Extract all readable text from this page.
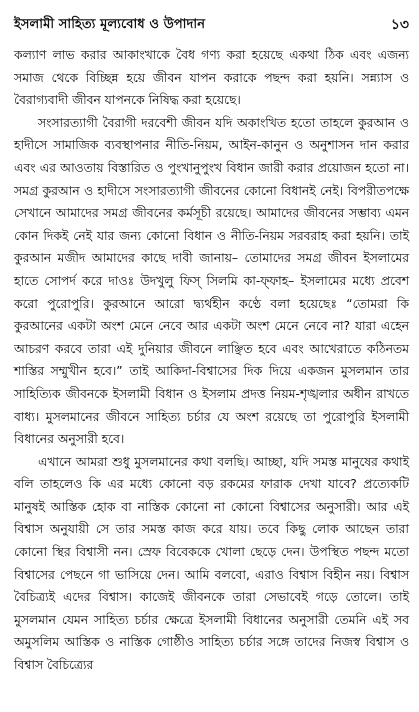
ইসলামী সাহিত্য মূল্যবোধ ও উপাদান	১৩

কল্যাণ লাভ করার আকাংখাকে বৈধ গণ্য করা হয়েছে একথা ঠিক এবং এজন্য সমাজ থেকে বিচ্ছিন্ন হয়ে জীবন যাপন করাকে পছন্দ করা হয়নি। সন্ন্যাস ও বৈরাগ্যবাদী জীবন যাপনকে নিষিদ্ধ করা হয়েছে।

সংসারত্যাগী বৈরাগী দরবেশী জীবন যদি অকাংখিত হতো তাহলে কুরআন ও হাদীসে সামাজিক ব্যবস্থাপনার নীতি-নিয়ম, আইন-কানুন ও অনুশাসন দান করার এবং এর আওতায় বিস্তারিত ও পুংখানুপুংখ বিধান জারী করার প্রয়োজন হতো না। সমগ্র কুরআন ও হাদীসে সংসারত্যাগী জীবনের কোনো বিধানই নেই। বিপরীতপক্ষে সেখানে আমাদের সমগ্র জীবনের কর্মসূচী রয়েছে। আমাদের জীবনের সম্ভাব্য এমন কোন দিকই নেই যার জন্য কোনো বিধান ও নীতি-নিয়ম সরবরাহ করা হয়নি। তাই কুরআন মজীদ আমাদের কাছে দাবী জানায়– তোমাদের সমগ্র জীবন ইসলামের হাতে সোপর্দ করে দাওঃ উদখুলু ফিস্ সিলমি কা-ফ্ফাহ– ইসলামের মধ্যে প্রবেশ করো পুরোপুরি। কুরআনে আরো দ্ব্যর্থহীন কণ্ঠে বলা হয়েছেঃ “তোমরা কি কুরআনের একটা অংশ মেনে নেবে আর একটা অংশ মেনে নেবে না? যারা এহেন আচরণ করবে তারা এই দুনিয়ার জীবনে লাঞ্ছিত হবে এবং আখেরাতে কঠিনতম শাস্তির সম্মুখীন হবে।” তাই আকিদা-বিশ্বাসের দিক দিয়ে একজন মুসলমান তার সাহিত্যিক জীবনকে ইসলামী বিধান ও ইসলাম প্রদত্ত নিয়ম-শৃঙ্খলার অধীন রাখতে বাধ্য। মুসলমানের জীবনে সাহিত্য চর্চার যে অংশ রয়েছে তা পুরোপুরি ইসলামী বিধানের অনুসারী হবে।

এখানে আমরা শুধু মুসলমানের কথা বলছি। আচ্ছা, যদি সমস্ত মানুষের কথাই বলি তাহলেও কি এর মধ্যে কোনো বড় রকমের ফারাক দেখা যাবে? প্রত্যেকটি মানুষই আস্তিক হোক বা নাস্তিক কোনো না কোনো বিশ্বাসের অনুসারী। আর এই বিশ্বাস অনুযায়ী সে তার সমস্ত কাজ করে যায়। তবে কিছু লোক আছেন তারা কোনো স্থির বিশ্বাসী নন। স্রেফ বিবেককে খোলা ছেড়ে দেন। উপস্থিত পছন্দ মতো বিশ্বাসের পেছনে গা ভাসিয়ে দেন। আমি বলবো, এরাও বিশ্বাস বিহীন নয়। বিশ্বাস বৈচিত্র্যই এদের বিশ্বাস। কাজেই জীবনকে তারা সেভাবেই গড়ে তোলে। তাই মুসলমান যেমন সাহিত্য চর্চার ক্ষেত্রে ইসলামী বিধানের অনুসারী তেমনি এই সব অমুসলিম আস্তিক ও নাস্তিক গোষ্ঠীও সাহিত্য চর্চার সঙ্গে তাদের নিজস্ব বিশ্বাস ও বিশ্বাস বৈচিত্র্যের
